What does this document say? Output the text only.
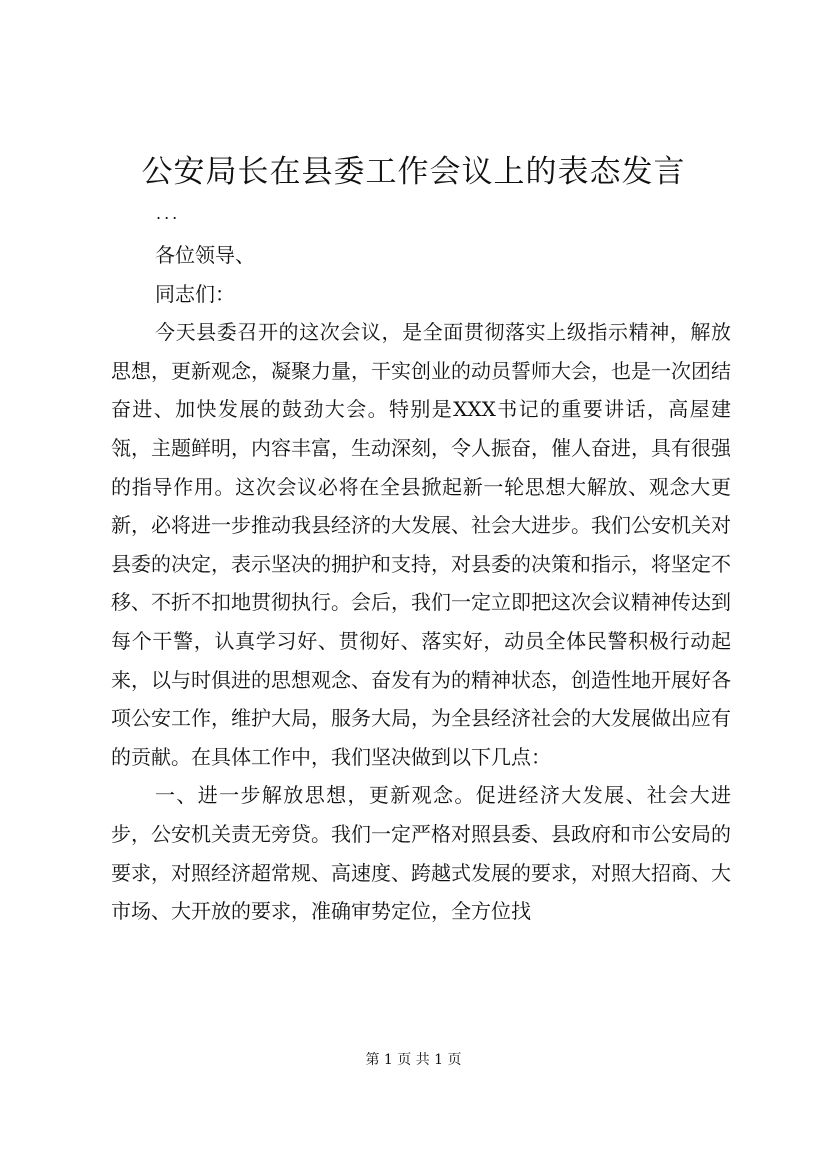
公安局长在县委工作会议上的表态发言
...

各位领导、

同志们：

今天县委召开的这次会议，是全面贯彻落实上级指示精神，解放思想，更新观念，凝聚力量，干实创业的动员誓师大会，也是一次团结奋进、加快发展的鼓劲大会。特别是XXX书记的重要讲话，高屋建瓴，主题鲜明，内容丰富，生动深刻，令人振奋，催人奋进，具有很强的指导作用。这次会议必将在全县掀起新一轮思想大解放、观念大更新，必将进一步推动我县经济的大发展、社会大进步。我们公安机关对县委的决定，表示坚决的拥护和支持，对县委的决策和指示，将坚定不移、不折不扣地贯彻执行。会后，我们一定立即把这次会议精神传达到每个干警，认真学习好、贯彻好、落实好，动员全体民警积极行动起来，以与时俱进的思想观念、奋发有为的精神状态，创造性地开展好各项公安工作，维护大局，服务大局，为全县经济社会的大发展做出应有的贡献。在具体工作中，我们坚决做到以下几点：

一、进一步解放思想，更新观念。促进经济大发展、社会大进步，公安机关责无旁贷。我们一定严格对照县委、县政府和市公安局的要求，对照经济超常规、高速度、跨越式发展的要求，对照大招商、大市场、大开放的要求，准确审势定位，全方位找

第 1 页 共 1 页
